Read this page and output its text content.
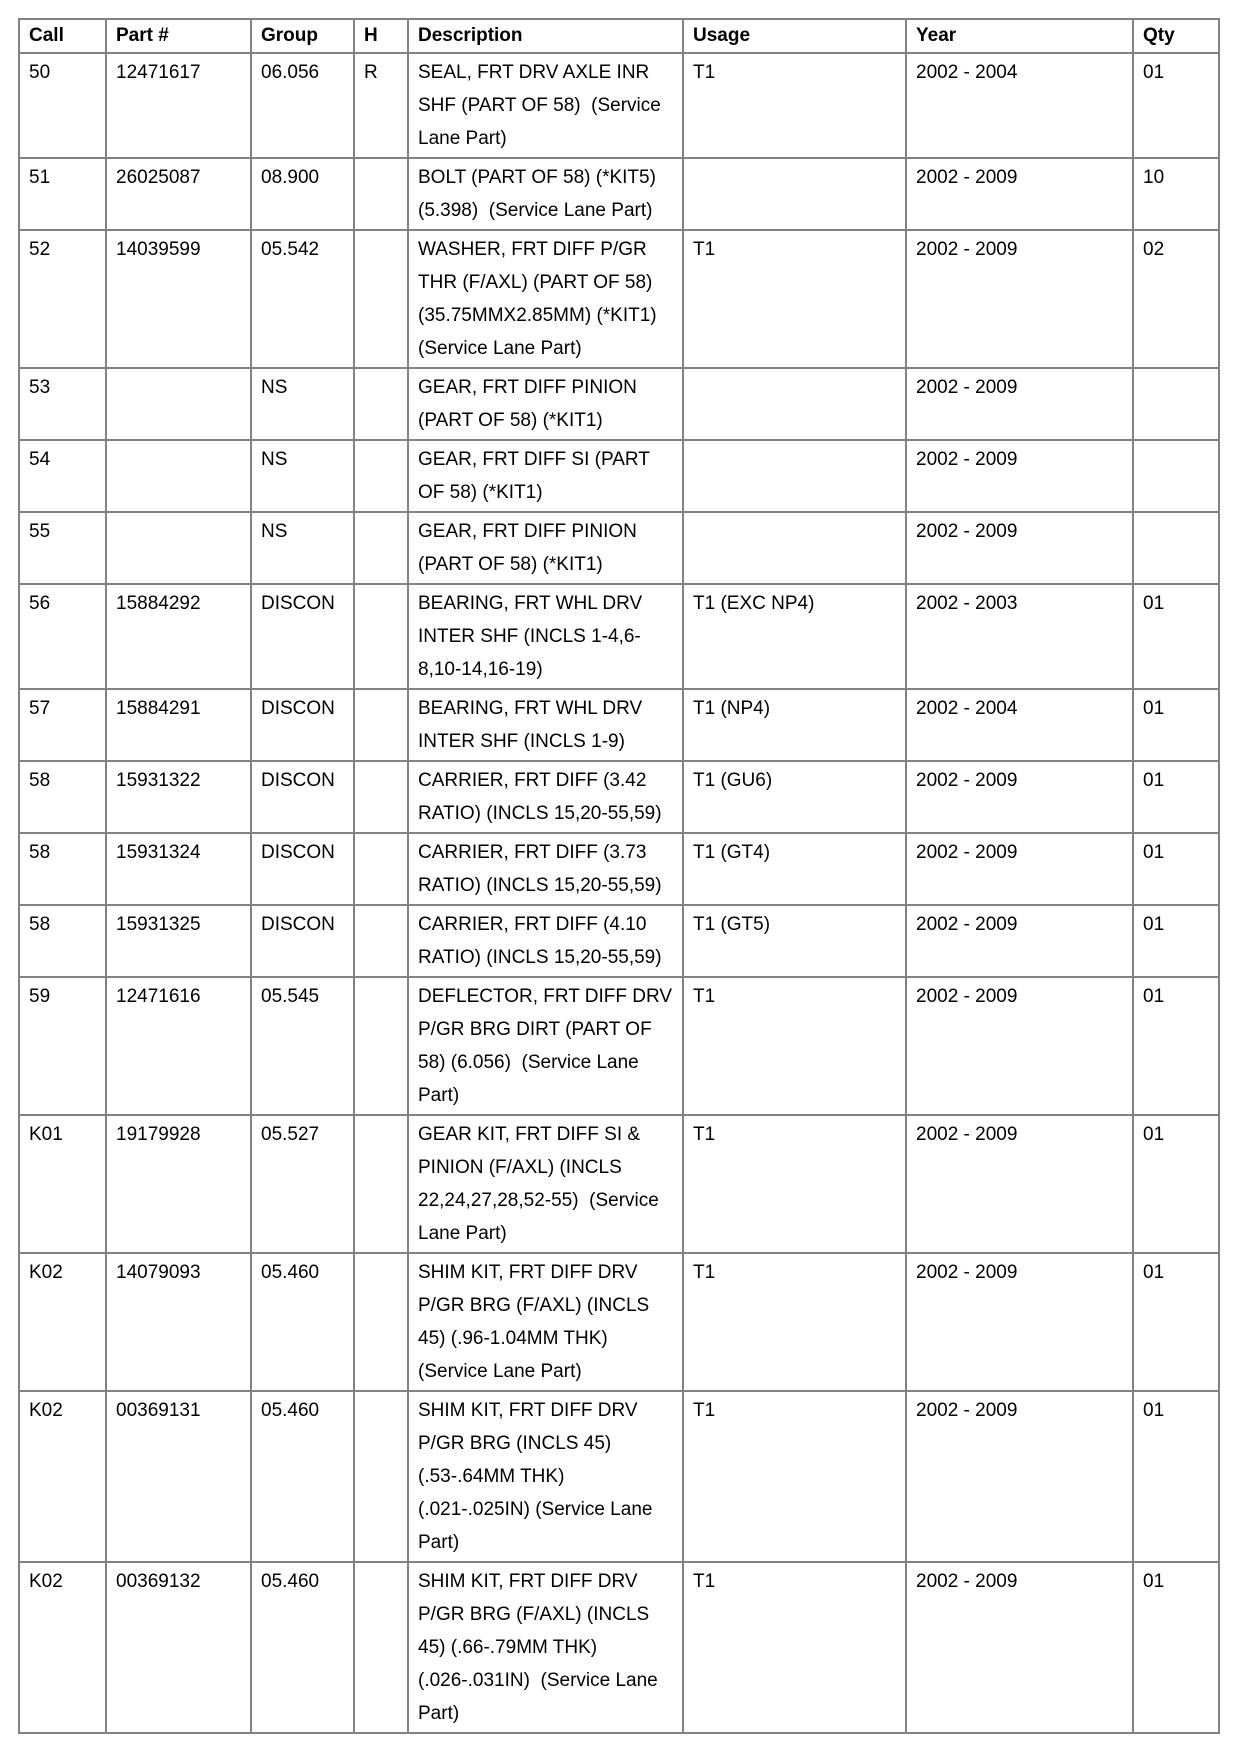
Call	Part #	Group	H	Description	Usage	Year	Qty
50	12471617	06.056	R	SEAL, FRT DRV AXLE INR SHF (PART OF 58)  (Service Lane Part)	T1	2002 - 2004	01
51	26025087	08.900		BOLT (PART OF 58) (*KIT5) (5.398)  (Service Lane Part)		2002 - 2009	10
52	14039599	05.542		WASHER, FRT DIFF P/GR THR (F/AXL) (PART OF 58) (35.75MMX2.85MM) (*KIT1) (Service Lane Part)	T1	2002 - 2009	02
53		NS		GEAR, FRT DIFF PINION (PART OF 58) (*KIT1)		2002 - 2009	
54		NS		GEAR, FRT DIFF SI (PART OF 58) (*KIT1)		2002 - 2009	
55		NS		GEAR, FRT DIFF PINION (PART OF 58) (*KIT1)		2002 - 2009	
56	15884292	DISCON		BEARING, FRT WHL DRV INTER SHF (INCLS 1-4,6-8,10-14,16-19)	T1 (EXC NP4)	2002 - 2003	01
57	15884291	DISCON		BEARING, FRT WHL DRV INTER SHF (INCLS 1-9)	T1 (NP4)	2002 - 2004	01
58	15931322	DISCON		CARRIER, FRT DIFF (3.42 RATIO) (INCLS 15,20-55,59)	T1 (GU6)	2002 - 2009	01
58	15931324	DISCON		CARRIER, FRT DIFF (3.73 RATIO) (INCLS 15,20-55,59)	T1 (GT4)	2002 - 2009	01
58	15931325	DISCON		CARRIER, FRT DIFF (4.10 RATIO) (INCLS 15,20-55,59)	T1 (GT5)	2002 - 2009	01
59	12471616	05.545		DEFLECTOR, FRT DIFF DRV P/GR BRG DIRT (PART OF 58) (6.056)  (Service Lane Part)	T1	2002 - 2009	01
K01	19179928	05.527		GEAR KIT, FRT DIFF SI & PINION (F/AXL) (INCLS 22,24,27,28,52-55)  (Service Lane Part)	T1	2002 - 2009	01
K02	14079093	05.460		SHIM KIT, FRT DIFF DRV P/GR BRG (F/AXL) (INCLS 45) (.96-1.04MM THK) (Service Lane Part)	T1	2002 - 2009	01
K02	00369131	05.460		SHIM KIT, FRT DIFF DRV P/GR BRG (INCLS 45) (.53-.64MM THK) (.021-.025IN) (Service Lane Part)	T1	2002 - 2009	01
K02	00369132	05.460		SHIM KIT, FRT DIFF DRV P/GR BRG (F/AXL) (INCLS 45) (.66-.79MM THK) (.026-.031IN)  (Service Lane Part)	T1	2002 - 2009	01
